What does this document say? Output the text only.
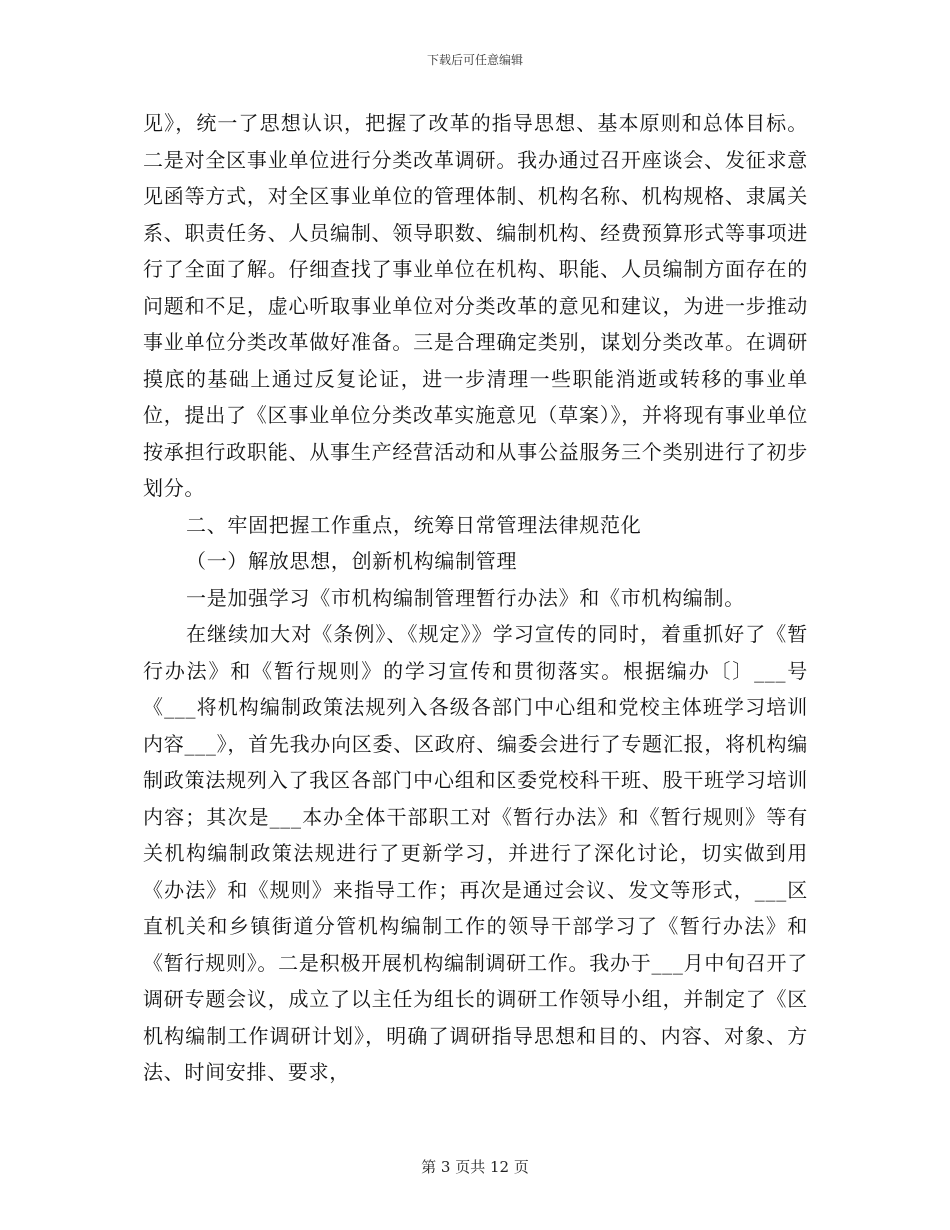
下载后可任意编辑

见》，统一了思想认识，把握了改革的指导思想、基本原则和总体目标。二是对全区事业单位进行分类改革调研。我办通过召开座谈会、发征求意见函等方式，对全区事业单位的管理体制、机构名称、机构规格、隶属关系、职责任务、人员编制、领导职数、编制机构、经费预算形式等事项进行了全面了解。仔细查找了事业单位在机构、职能、人员编制方面存在的问题和不足，虚心听取事业单位对分类改革的意见和建议，为进一步推动事业单位分类改革做好准备。三是合理确定类别，谋划分类改革。在调研摸底的基础上通过反复论证，进一步清理一些职能消逝或转移的事业单位，提出了《区事业单位分类改革实施意见（草案）》，并将现有事业单位按承担行政职能、从事生产经营活动和从事公益服务三个类别进行了初步划分。

二、牢固把握工作重点，统筹日常管理法律规范化

（一）解放思想，创新机构编制管理

一是加强学习《市机构编制管理暂行办法》和《市机构编制。

在继续加大对《条例》、《规定》》学习宣传的同时，着重抓好了《暂行办法》和《暂行规则》的学习宣传和贯彻落实。根据编办〔〕___号《___将机构编制政策法规列入各级各部门中心组和党校主体班学习培训内容___》，首先我办向区委、区政府、编委会进行了专题汇报，将机构编制政策法规列入了我区各部门中心组和区委党校科干班、股干班学习培训内容；其次是___本办全体干部职工对《暂行办法》和《暂行规则》等有关机构编制政策法规进行了更新学习，并进行了深化讨论，切实做到用《办法》和《规则》来指导工作；再次是通过会议、发文等形式，___区直机关和乡镇街道分管机构编制工作的领导干部学习了《暂行办法》和《暂行规则》。二是积极开展机构编制调研工作。我办于___月中旬召开了调研专题会议，成立了以主任为组长的调研工作领导小组，并制定了《区机构编制工作调研计划》，明确了调研指导思想和目的、内容、对象、方法、时间安排、要求，

第 3 页共 12 页
